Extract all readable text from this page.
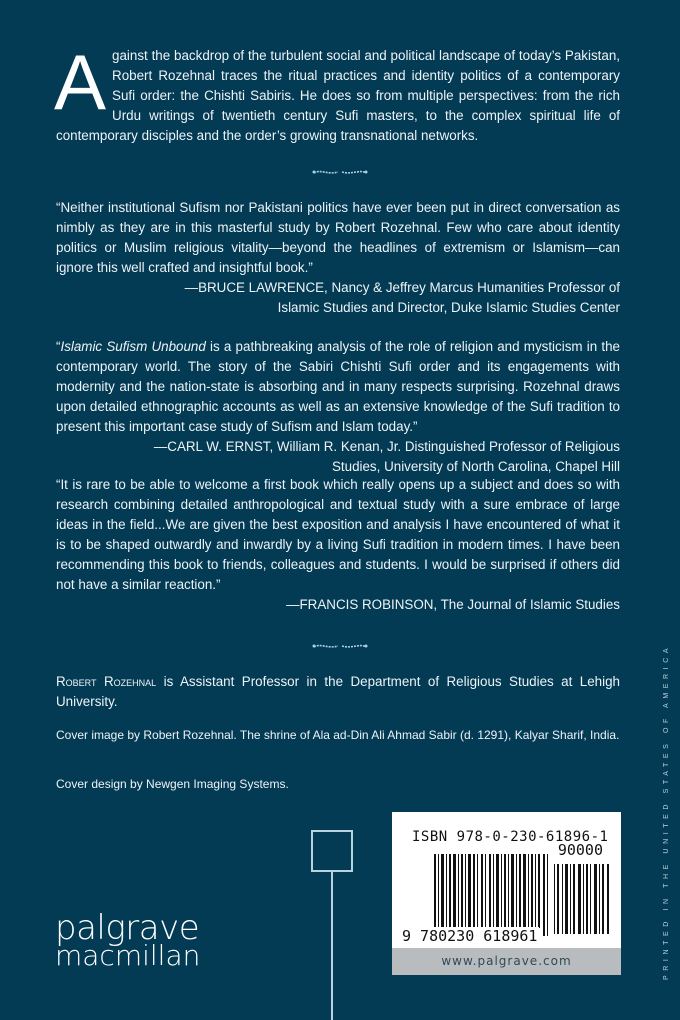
Against the backdrop of the turbulent social and political landscape of today’s Pakistan, Robert Rozehnal traces the ritual practices and identity politics of a contemporary Sufi order: the Chishti Sabiris. He does so from multiple perspectives: from the rich Urdu writings of twentieth century Sufi masters, to the complex spiritual life of contemporary disciples and the order’s growing transnational networks.
“Neither institutional Sufism nor Pakistani politics have ever been put in direct conversation as nimbly as they are in this masterful study by Robert Rozehnal. Few who care about identity politics or Muslim religious vitality—beyond the headlines of extremism or Islamism—can ignore this well crafted and insightful book.”
—BRUCE LAWRENCE, Nancy & Jeffrey Marcus Humanities Professor of
Islamic Studies and Director, Duke Islamic Studies Center
“Islamic Sufism Unbound is a pathbreaking analysis of the role of religion and mysticism in the contemporary world. The story of the Sabiri Chishti Sufi order and its engagements with modernity and the nation-state is absorbing and in many respects surprising. Rozehnal draws upon detailed ethnographic accounts as well as an extensive knowledge of the Sufi tradition to present this important case study of Sufism and Islam today.”
—CARL W. ERNST, William R. Kenan, Jr. Distinguished Professor of Religious
Studies, University of North Carolina, Chapel Hill
“It is rare to be able to welcome a first book which really opens up a subject and does so with research combining detailed anthropological and textual study with a sure embrace of large ideas in the field...We are given the best exposition and analysis I have encountered of what it is to be shaped outwardly and inwardly by a living Sufi tradition in modern times. I have been recommending this book to friends, colleagues and students. I would be surprised if others did not have a similar reaction.”
—FRANCIS ROBINSON, The Journal of Islamic Studies

Robert Rozehnal is Assistant Professor in the Department of Religious Studies at Lehigh University.

Cover image by Robert Rozehnal. The shrine of Ala ad-Din Ali Ahmad Sabir (d. 1291), Kalyar Sharif, India.

Cover design by Newgen Imaging Systems.

palgrave
macmillan
ISBN 978-0-230-61896-1
90000
9 780230 618961
www.palgrave.com	PRINTED IN THE UNITED STATES OF AMERICA
